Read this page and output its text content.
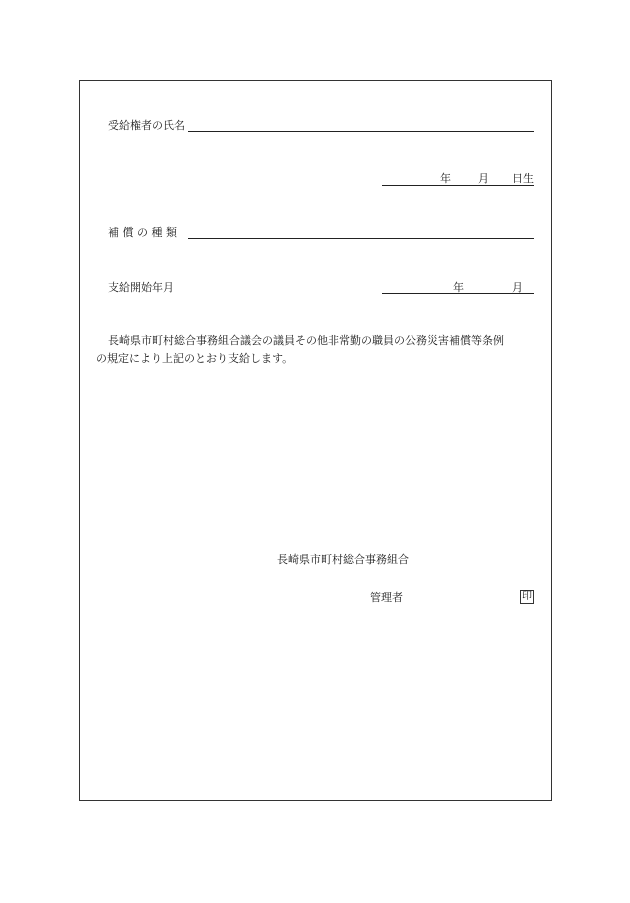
受給権者の氏名
年 月 日生
補 償 の 種 類
支給開始年月	年	月
長崎県市町村総合事務組合議会の議員その他非常勤の職員の公務災害補償等条例
の規定により上記のとおり支給します。
長崎県市町村総合事務組合
管理者	印
